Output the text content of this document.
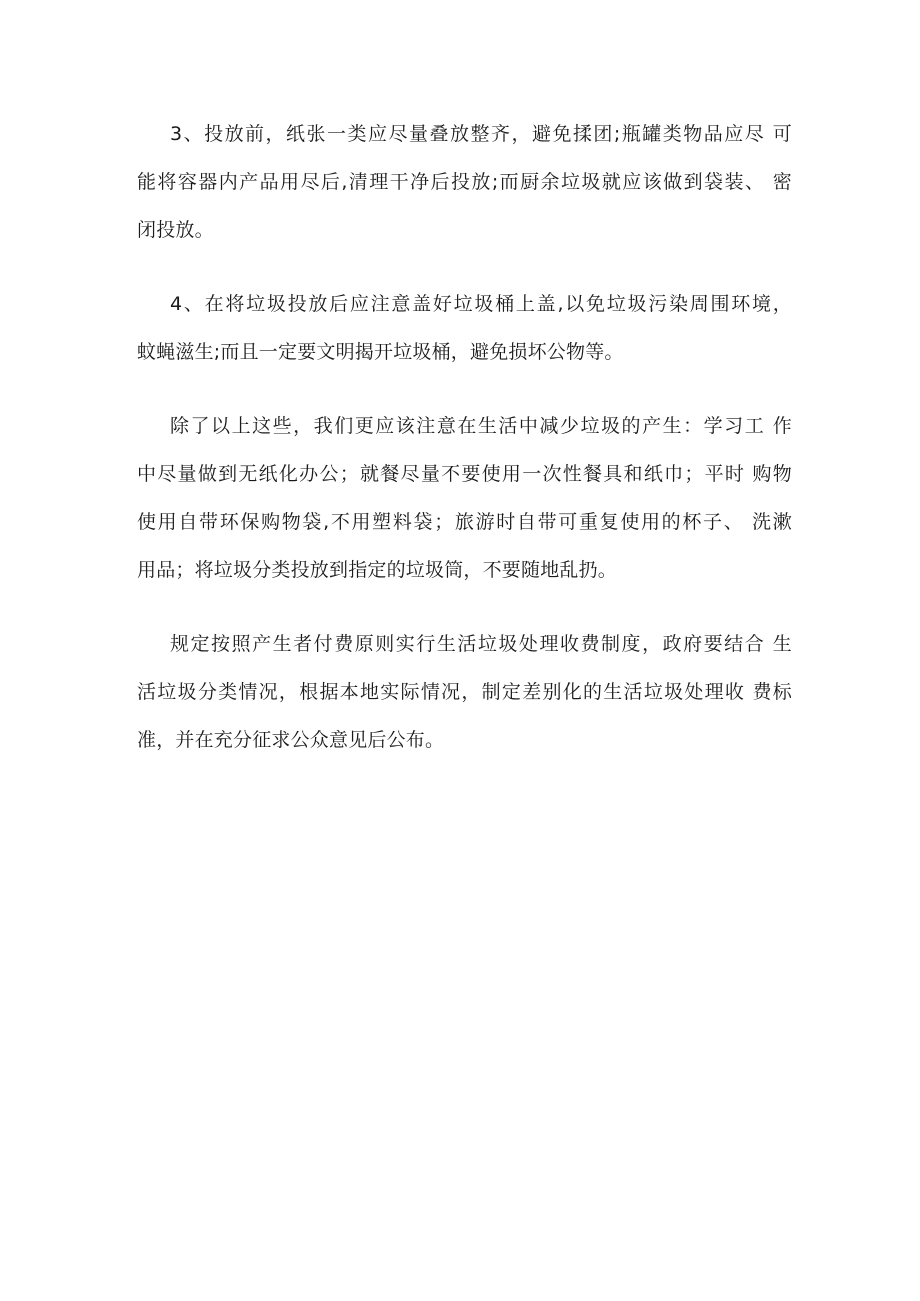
3、投放前，纸张一类应尽量叠放整齐，避免揉团;瓶罐类物品应尽 可
能将容器内产品用尽后,清理干净后投放;而厨余垃圾就应该做到袋装、 密
闭投放。
4、在将垃圾投放后应注意盖好垃圾桶上盖,以免垃圾污染周围环境，
蚊蝇滋生;而且一定要文明揭开垃圾桶，避免损坏公物等。
除了以上这些，我们更应该注意在生活中减少垃圾的产生：学习工 作
中尽量做到无纸化办公；就餐尽量不要使用一次性餐具和纸巾；平时 购物
使用自带环保购物袋,不用塑料袋；旅游时自带可重复使用的杯子、 洗漱
用品；将垃圾分类投放到指定的垃圾筒，不要随地乱扔。
规定按照产生者付费原则实行生活垃圾处理收费制度，政府要结合 生
活垃圾分类情况，根据本地实际情况，制定差别化的生活垃圾处理收 费标
准，并在充分征求公众意见后公布。
